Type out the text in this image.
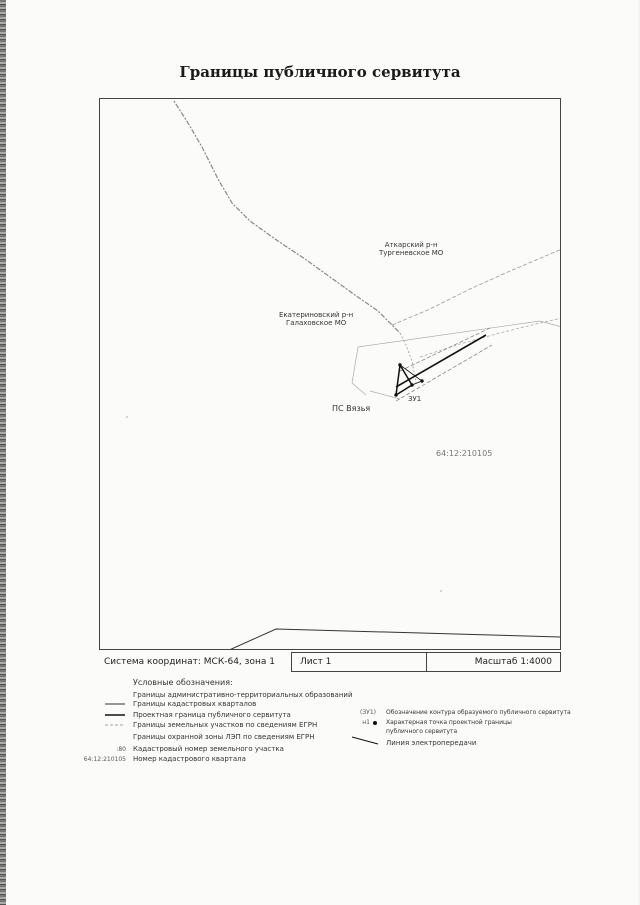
Границы публичного сервитута
Аткарский р-н
Тургеневское МО
Екатериновский р-н
Галаховское МО
ЗУ1
ПС Вязья
64:12:210105
Система координат: МСК-64, зона 1	Лист 1	Масштаб 1:4000
Условные обозначения:
Границы административно-территориальных образований
Границы кадастровых кварталов
Проектная граница публичного сервитута
Границы земельных участков по сведениям ЕГРН
Границы охранной зоны ЛЭП по сведениям ЕГРН
:80 Кадастровый номер земельного участка
64:12:210105 Номер кадастрового квартала
(ЗУ1) Обозначение контура образуемого публичного сервитута
н1	Характерная точка проектной границы
публичного сервитута
Линия электропередачи
